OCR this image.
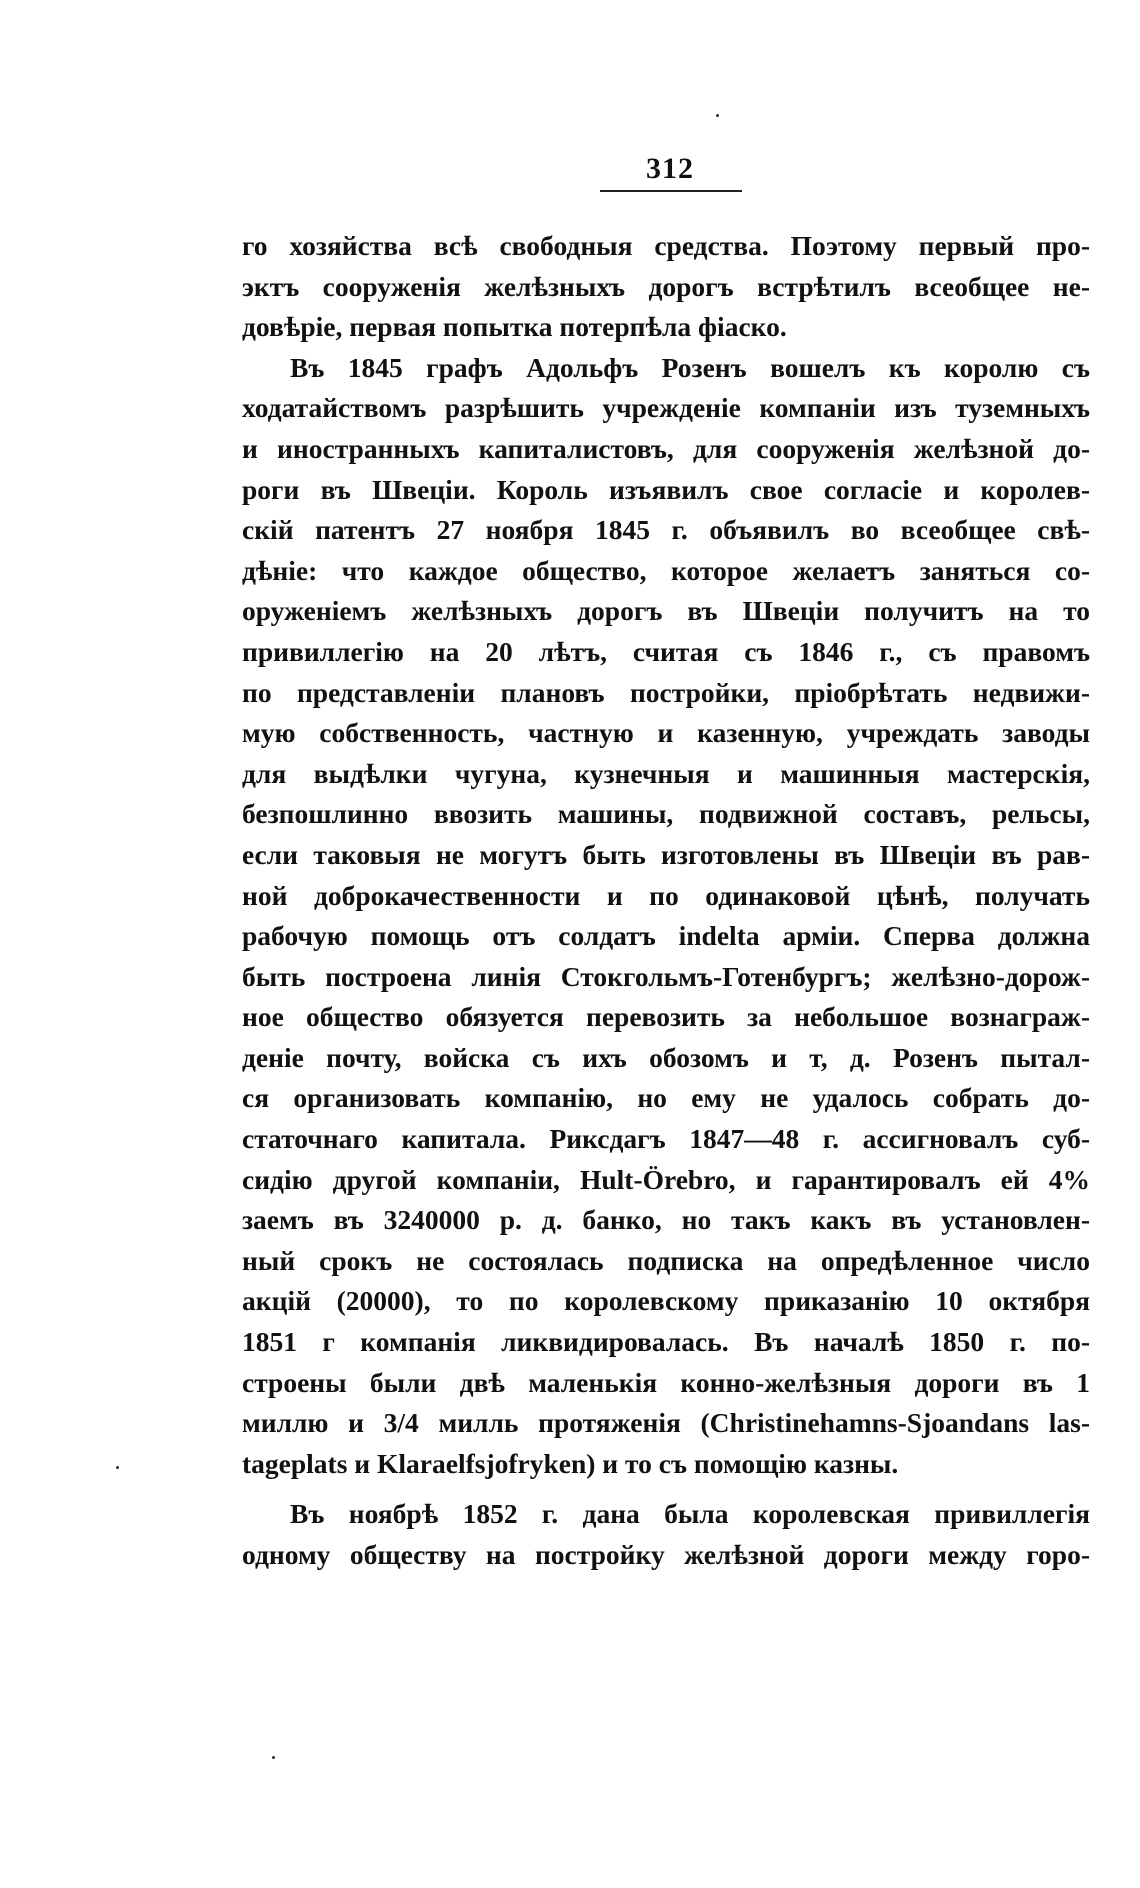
312
го хозяйства всѣ свободныя средства. Поэтому первый про-
эктъ сооруженія желѣзныхъ дорогъ встрѣтилъ всеобщее не-
довѣріе, первая попытка потерпѣла фіаско.
Въ 1845 графъ Адольфъ Розенъ вошелъ къ королю съ
ходатайствомъ разрѣшить учрежденіе компаніи изъ туземныхъ
и иностранныхъ капиталистовъ, для сооруженія желѣзной до-
роги въ Швеціи. Король изъявилъ свое согласіе и королев-
скій патентъ 27 ноября 1845 г. объявилъ во всеобщее свѣ-
дѣніе: что каждое общество, которое желаетъ заняться со-
оруженіемъ желѣзныхъ дорогъ въ Швеціи получитъ на то
привиллегію на 20 лѣтъ, считая съ 1846 г., съ правомъ
по представленіи плановъ постройки, пріобрѣтать недвижи-
мую собственность, частную и казенную, учреждать заводы
для выдѣлки чугуна, кузнечныя и машинныя мастерскія,
безпошлинно ввозить машины, подвижной составъ, рельсы,
если таковыя не могутъ быть изготовлены въ Швеціи въ рав-
ной доброкачественности и по одинаковой цѣнѣ, получать
рабочую помощь отъ солдатъ indelta арміи. Сперва должна
быть построена линія Стокгольмъ-Готенбургъ; желѣзно-дорож-
ное общество обязуется перевозить за небольшое вознаграж-
деніе почту, войска съ ихъ обозомъ и т, д. Розенъ пытал-
ся организовать компанію, но ему не удалось собрать до-
статочнаго капитала. Риксдагъ 1847—48 г. ассигновалъ суб-
сидію другой компаніи, Hult-Örebro, и гарантировалъ ей 4%
заемъ въ 3240000 р. д. банко, но такъ какъ въ установлен-
ный срокъ не состоялась подписка на опредѣленное число
акцій (20000), то по королевскому приказанію 10 октября
1851 г компанія ликвидировалась. Въ началѣ 1850 г. по-
строены были двѣ маленькія конно-желѣзныя дороги въ 1
миллю и 3/4 милль протяженія (Christinehamns-Sjoandans las-
tageplats и Klaraelfsjofryken) и то съ помощію казны.
Въ ноябрѣ 1852 г. дана была королевская привиллегія
одному обществу на постройку желѣзной дороги между горо-
